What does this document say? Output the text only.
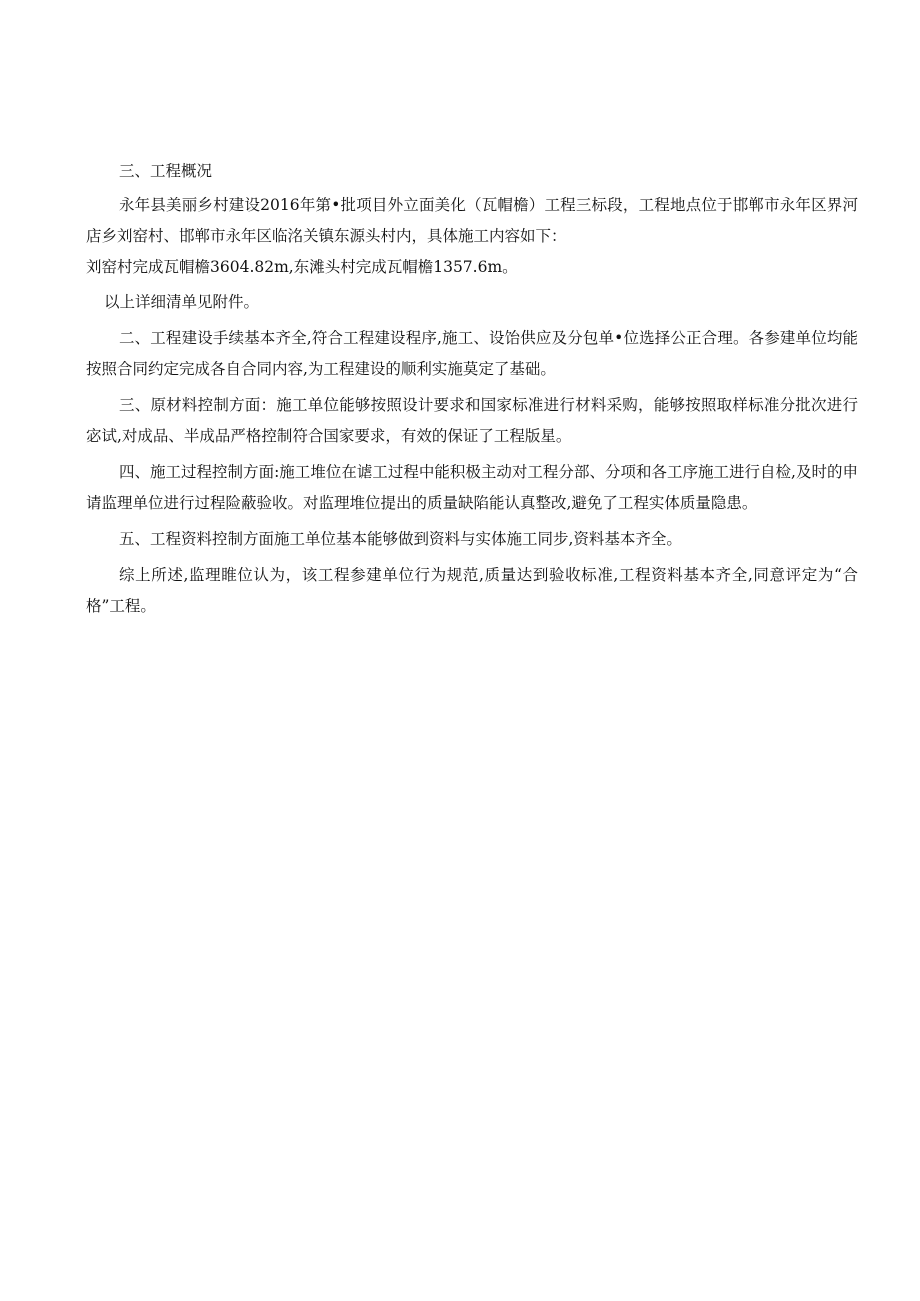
三、工程概况

永年县美丽乡村建设2016年第•批项目外立面美化（瓦帽檐）工程三标段，工程地点位于邯郸市永年区界河店乡刘窑村、邯郸市永年区临洺关镇东源头村内，具体施工内容如下：

刘窑村完成瓦帽檐3604.82m,东滩头村完成瓦帽檐1357.6m。

以上详细清单见附件。

二、工程建设手续基本齐全,符合工程建设程序,施工、设饴供应及分包单•位选择公正合理。各参建单位均能按照合同约定完成各自合同内容,为工程建设的顺利实施莫定了基础。

三、原材料控制方面：施工单位能够按照设计要求和国家标准进行材料采购，能够按照取样标准分批次进行宓试,对成品、半成品严格控制符合国家要求，有效的保证了工程版星。

四、施工过程控制方面:施工堆位在谑工过程中能积极主动对工程分部、分项和各工序施工进行自检,及时的申请监理单位进行过程险蔽验收。对监理堆位提出的质量缺陷能认真整改,避免了工程实体质量隐患。

五、工程资料控制方面施工单位基本能够做到资料与实体施工同步,资料基本齐全。

综上所述,监理睢位认为，该工程参建单位行为规范,质量达到验收标准,工程资料基本齐全,同意评定为“合格”工程。
